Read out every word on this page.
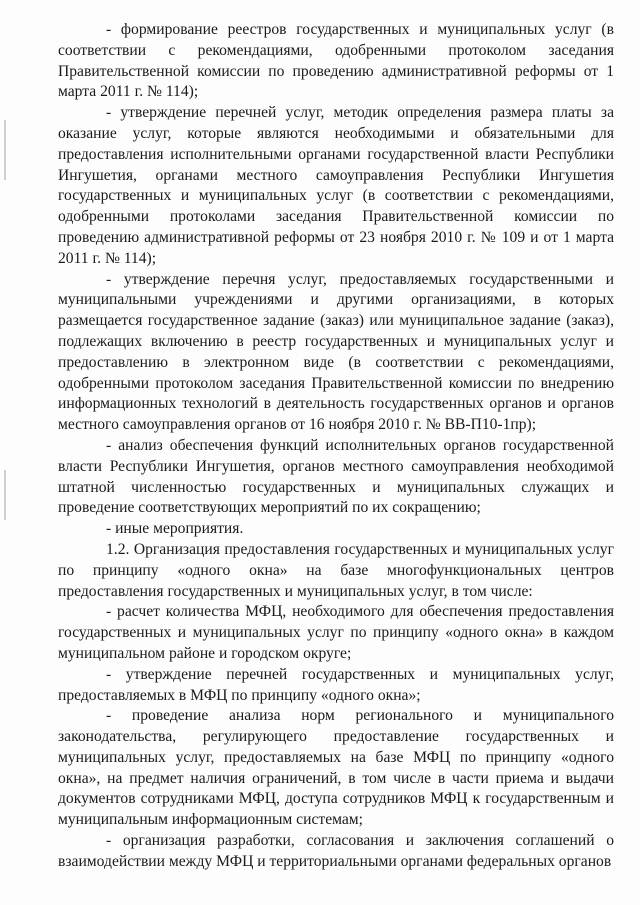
- формирование реестров государственных и муниципальных услуг (в соответствии с рекомендациями, одобренными протоколом заседания Правительственной комиссии по проведению административной реформы от 1 марта 2011 г. № 114);

- утверждение перечней услуг, методик определения размера платы за оказание услуг, которые являются необходимыми и обязательными для предоставления исполнительными органами государственной власти Республики Ингушетия, органами местного самоуправления Республики Ингушетия государственных и муниципальных услуг (в соответствии с рекомендациями, одобренными протоколами заседания Правительственной комиссии по проведению административной реформы от 23 ноября 2010 г. № 109 и от 1 марта 2011 г. № 114);

- утверждение перечня услуг, предоставляемых государственными и муниципальными учреждениями и другими организациями, в которых размещается государственное задание (заказ) или муниципальное задание (заказ), подлежащих включению в реестр государственных и муниципальных услуг и предоставлению в электронном виде (в соответствии с рекомендациями, одобренными протоколом заседания Правительственной комиссии по внедрению информационных технологий в деятельность государственных органов и органов местного самоуправления органов от 16 ноября 2010 г. № ВВ-П10-1пр);

- анализ обеспечения функций исполнительных органов государственной власти Республики Ингушетия, органов местного самоуправления необходимой штатной численностью государственных и муниципальных служащих и проведение соответствующих мероприятий по их сокращению;

- иные мероприятия.

1.2. Организация предоставления государственных и муниципальных услуг по принципу «одного окна» на базе многофункциональных центров предоставления государственных и муниципальных услуг, в том числе:

- расчет количества МФЦ, необходимого для обеспечения предоставления государственных и муниципальных услуг по принципу «одного окна» в каждом муниципальном районе и городском округе;

- утверждение перечней государственных и муниципальных услуг, предоставляемых в МФЦ по принципу «одного окна»;

- проведение анализа норм регионального и муниципального законодательства, регулирующего предоставление государственных и муниципальных услуг, предоставляемых на базе МФЦ по принципу «одного окна», на предмет наличия ограничений, в том числе в части приема и выдачи документов сотрудниками МФЦ, доступа сотрудников МФЦ к государственным и муниципальным информационным системам;

- организация разработки, согласования и заключения соглашений о взаимодействии между МФЦ и территориальными органами федеральных органов
